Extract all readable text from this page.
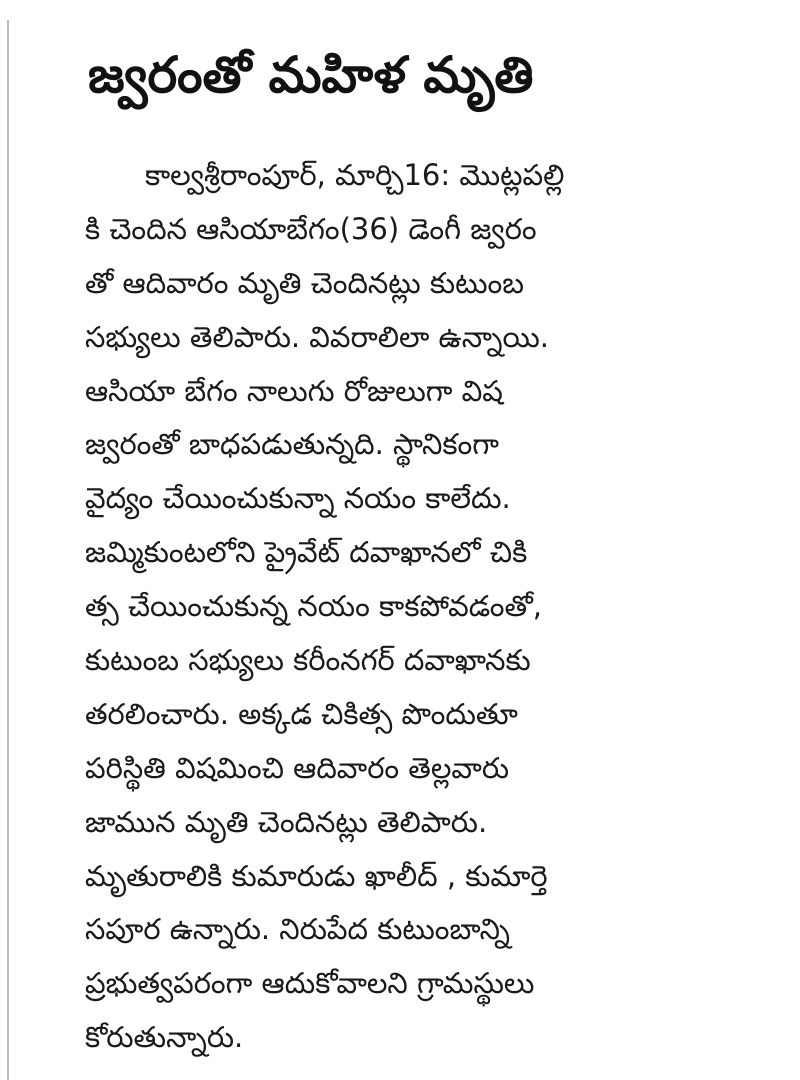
జ్వరంతో మహిళ మృతి
కాల్వశ్రీరాంపూర్, మార్చి16: మొట్లపల్లి
కి చెందిన ఆసియాబేగం(36) డెంగీ జ్వరం
తో ఆదివారం మృతి చెందినట్లు కుటుంబ
సభ్యులు తెలిపారు. వివరాలిలా ఉన్నాయి.
ఆసియా బేగం నాలుగు రోజులుగా విష
జ్వరంతో బాధపడుతున్నది. స్థానికంగా
వైద్యం చేయించుకున్నా నయం కాలేదు.
జమ్మికుంటలోని ప్రైవేట్ దవాఖానలో చికి
త్స చేయించుకున్న నయం కాకపోవడంతో,
కుటుంబ సభ్యులు కరీంనగర్ దవాఖానకు
తరలించారు. అక్కడ చికిత్స పొందుతూ
పరిస్థితి విషమించి ఆదివారం తెల్లవారు
జామున మృతి చెందినట్లు తెలిపారు.
మృతురాలికి కుమారుడు ఖాలీద్ , కుమార్తె
సపూర ఉన్నారు. నిరుపేద కుటుంబాన్ని
ప్రభుత్వపరంగా ఆదుకోవాలని గ్రామస్థులు
కోరుతున్నారు.
